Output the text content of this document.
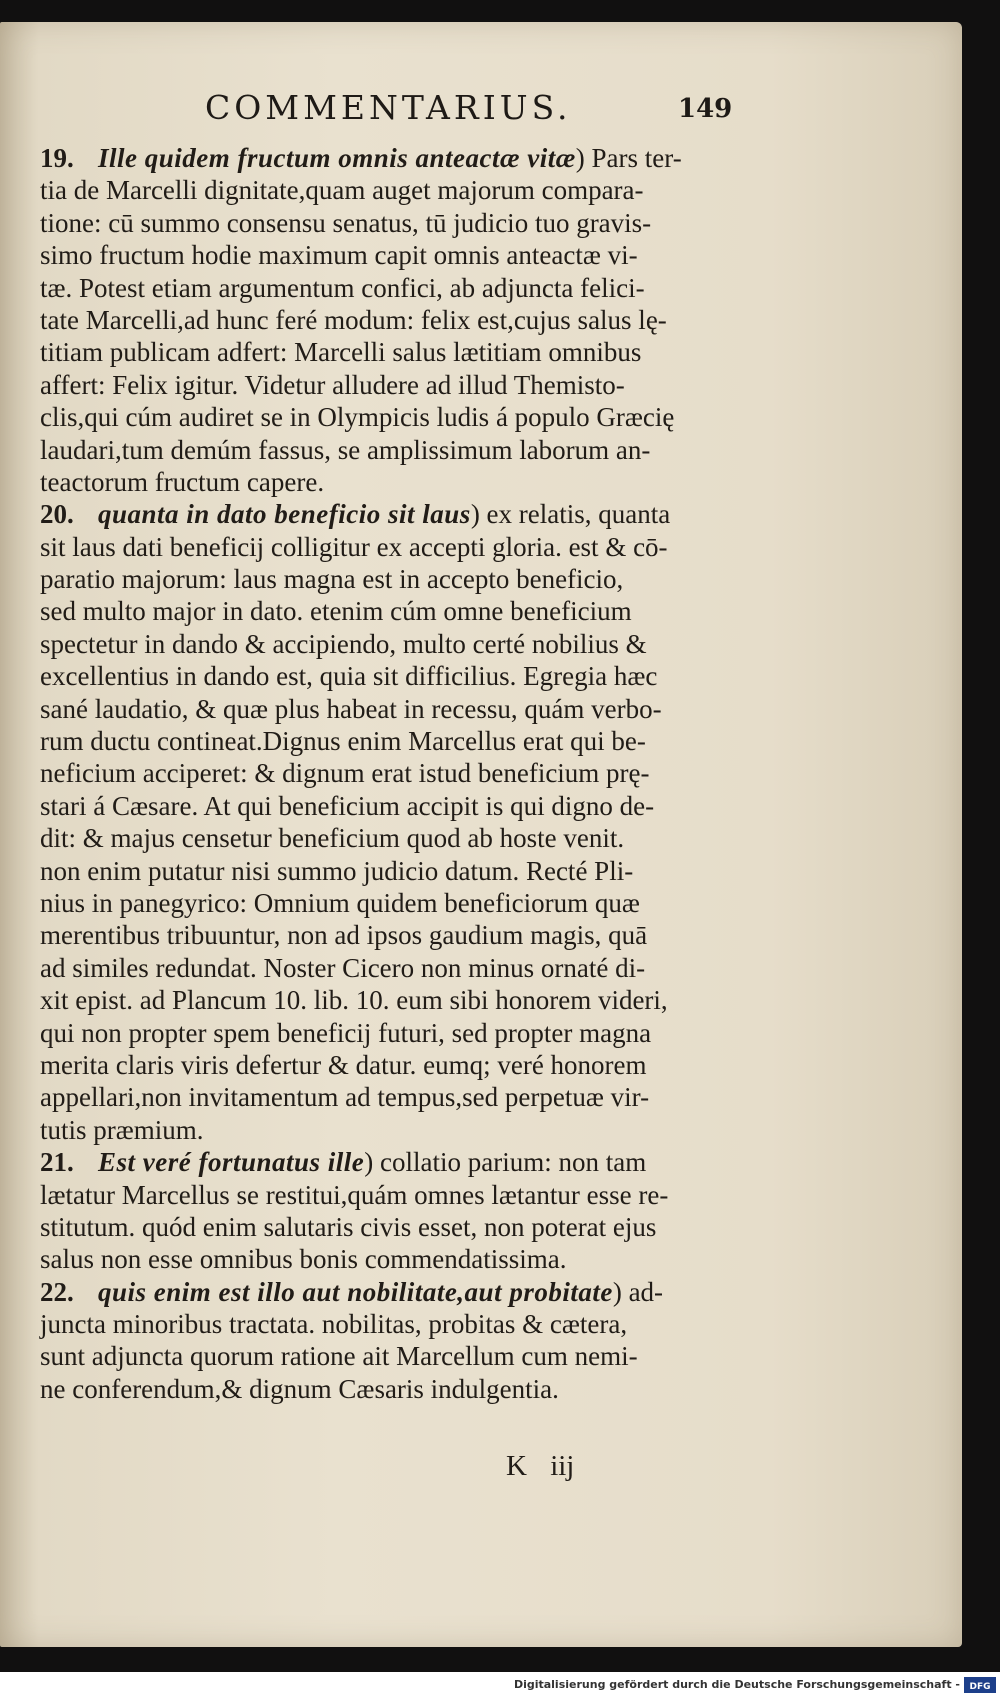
COMMENTARIUS.	149
19. Ille quidem fructum omnis anteactæ vitæ) Pars ter-
tia de Marcelli dignitate,quam auget majorum compara-
tione: cū summo consensu senatus, tū judicio tuo gravis-
simo fructum hodie maximum capit omnis anteactæ vi-
tæ. Potest etiam argumentum confici, ab adjuncta felici-
tate Marcelli,ad hunc feré modum: felix est,cujus salus lę-
titiam publicam adfert: Marcelli salus lætitiam omnibus
affert: Felix igitur. Videtur alludere ad illud Themisto-
clis,qui cúm audiret se in Olympicis ludis á populo Græcię
laudari,tum demúm fassus, se amplissimum laborum an-
teactorum fructum capere.
20. quanta in dato beneficio sit laus) ex relatis, quanta
sit laus dati beneficij colligitur ex accepti gloria. est & cō-
paratio majorum: laus magna est in accepto beneficio,
sed multo major in dato. etenim cúm omne beneficium
spectetur in dando & accipiendo, multo certé nobilius &
excellentius in dando est, quia sit difficilius. Egregia hæc
sané laudatio, & quæ plus habeat in recessu, quám verbo-
rum ductu contineat.Dignus enim Marcellus erat qui be-
neficium acciperet: & dignum erat istud beneficium prę-
stari á Cæsare. At qui beneficium accipit is qui digno de-
dit: & majus censetur beneficium quod ab hoste venit.
non enim putatur nisi summo judicio datum. Recté Pli-
nius in panegyrico: Omnium quidem beneficiorum quæ
merentibus tribuuntur, non ad ipsos gaudium magis, quā
ad similes redundat. Noster Cicero non minus ornaté di-
xit epist. ad Plancum 10. lib. 10. eum sibi honorem videri,
qui non propter spem beneficij futuri, sed propter magna
merita claris viris defertur & datur. eumq; veré honorem
appellari,non invitamentum ad tempus,sed perpetuæ vir-
tutis præmium.
21. Est veré fortunatus ille) collatio parium: non tam
lætatur Marcellus se restitui,quám omnes lætantur esse re-
stitutum. quód enim salutaris civis esset, non poterat ejus
salus non esse omnibus bonis commendatissima.
22. quis enim est illo aut nobilitate,aut probitate) ad-
juncta minoribus tractata. nobilitas, probitas & cætera,
sunt adjuncta quorum ratione ait Marcellum cum nemi-
ne conferendum,& dignum Cæsaris indulgentia.
K iij
Digitalisierung gefördert durch die Deutsche Forschungsgemeinschaft - DFG
